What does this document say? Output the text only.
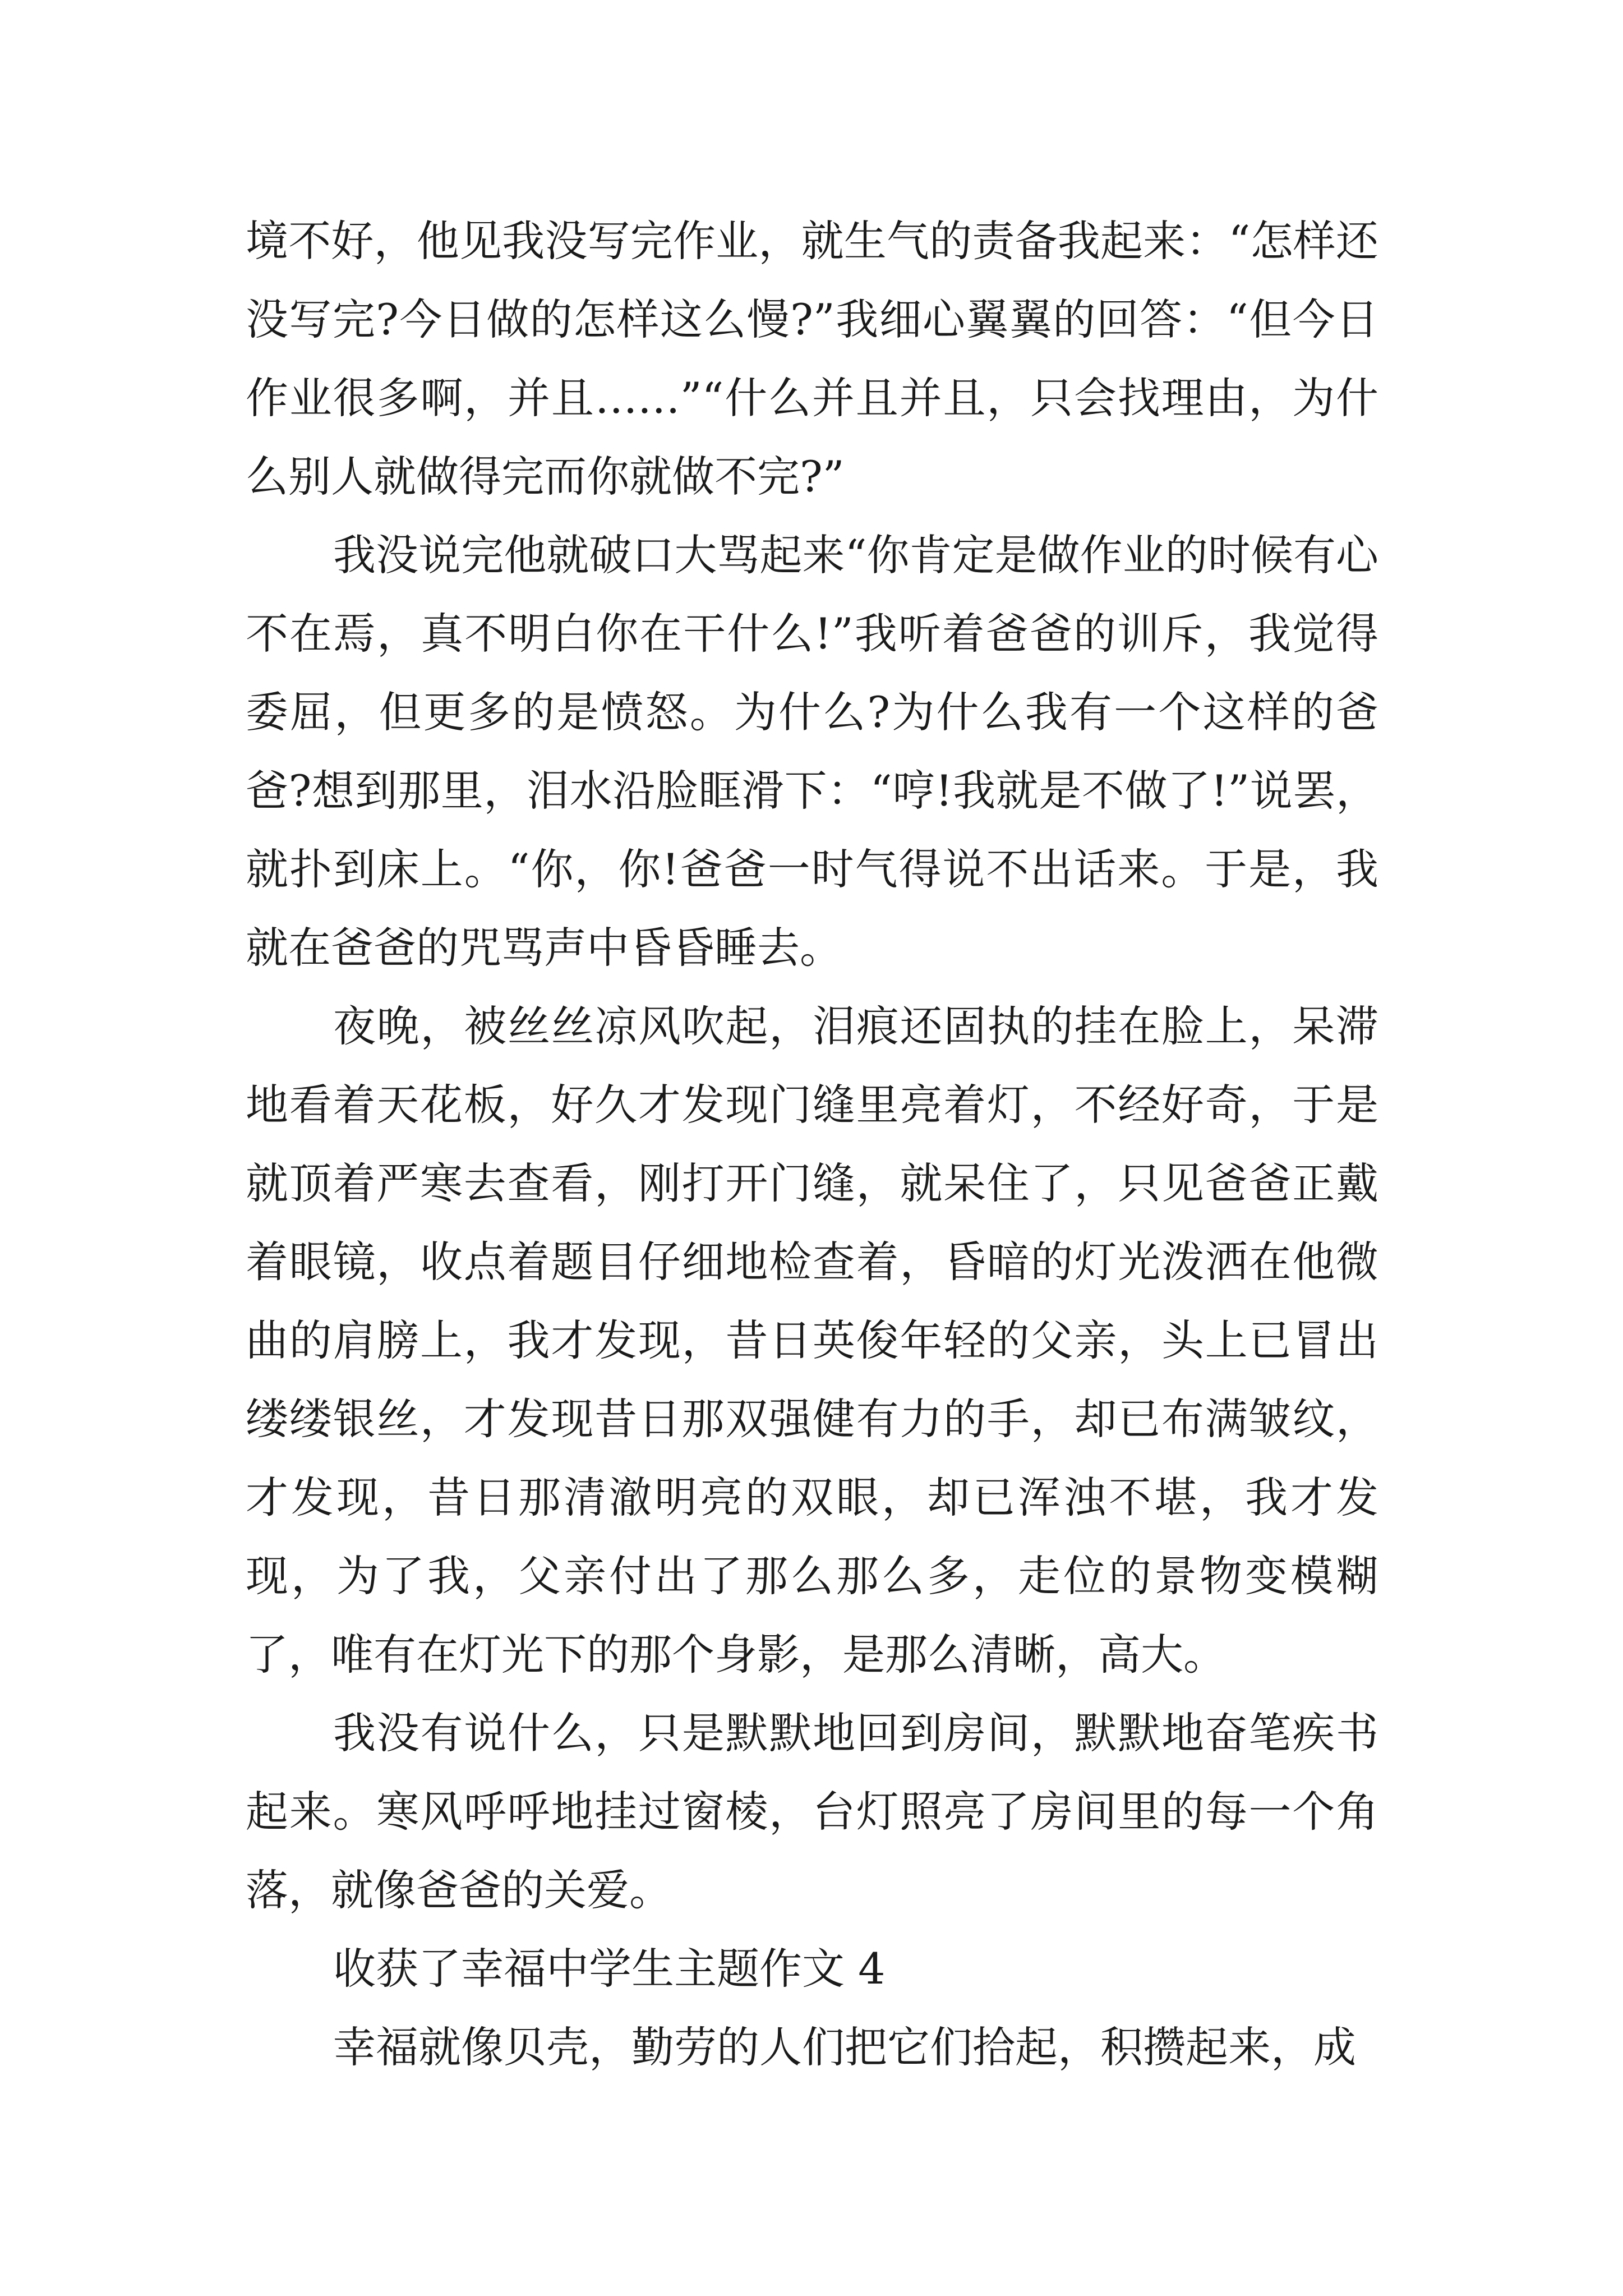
境不好，他见我没写完作业，就生气的责备我起来：“怎样还没写完?今日做的怎样这么慢?”我细心翼翼的回答：“但今日作业很多啊，并且……”“什么并且并且，只会找理由，为什么别人就做得完而你就做不完?”

我没说完他就破口大骂起来“你肯定是做作业的时候有心不在焉，真不明白你在干什么!”我听着爸爸的训斥，我觉得委屈，但更多的是愤怒。为什么?为什么我有一个这样的爸爸?想到那里，泪水沿脸眶滑下：“哼!我就是不做了!”说罢，就扑到床上。“你，你!爸爸一时气得说不出话来。于是，我就在爸爸的咒骂声中昏昏睡去。

夜晚，被丝丝凉风吹起，泪痕还固执的挂在脸上，呆滞地看着天花板，好久才发现门缝里亮着灯，不经好奇，于是就顶着严寒去查看，刚打开门缝，就呆住了，只见爸爸正戴着眼镜，收点着题目仔细地检查着，昏暗的灯光泼洒在他微曲的肩膀上，我才发现，昔日英俊年轻的父亲，头上已冒出缕缕银丝，才发现昔日那双强健有力的手，却已布满皱纹，才发现，昔日那清澈明亮的双眼，却已浑浊不堪，我才发现，为了我，父亲付出了那么那么多，走位的景物变模糊了，唯有在灯光下的那个身影，是那么清晰，高大。

我没有说什么，只是默默地回到房间，默默地奋笔疾书起来。寒风呼呼地挂过窗棱，台灯照亮了房间里的每一个角落，就像爸爸的关爱。

收获了幸福中学生主题作文 4

幸福就像贝壳，勤劳的人们把它们拾起，积攒起来，成
